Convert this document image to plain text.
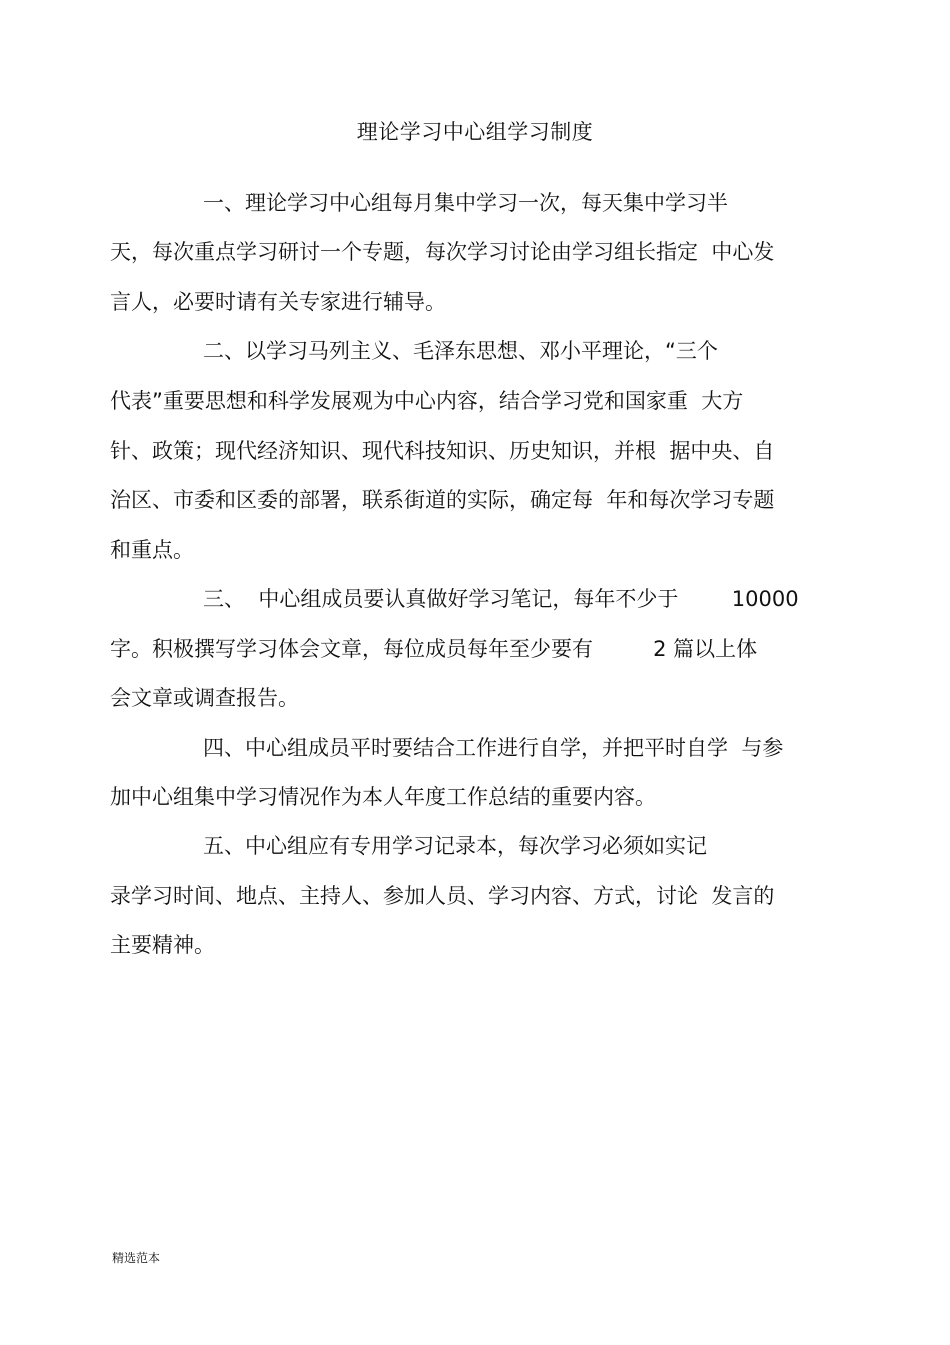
理论学习中心组学习制度
一、理论学习中心组每月集中学习一次，每天集中学习半
天，每次重点学习研讨一个专题，每次学习讨论由学习组长指定  中心发
言人，必要时请有关专家进行辅导。
二、以学习马列主义、毛泽东思想、邓小平理论，“三个
代表”重要思想和科学发展观为中心内容，结合学习党和国家重  大方
针、政策；现代经济知识、现代科技知识、历史知识，并根  据中央、自
治区、市委和区委的部署，联系街道的实际，确定每  年和每次学习专题
和重点。
三、  中心组成员要认真做好学习笔记，每年不少于        10000
字。积极撰写学习体会文章，每位成员每年至少要有         2 篇以上体
会文章或调查报告。
四、中心组成员平时要结合工作进行自学，并把平时自学  与参
加中心组集中学习情况作为本人年度工作总结的重要内容。
五、中心组应有专用学习记录本，每次学习必须如实记
录学习时间、地点、主持人、参加人员、学习内容、方式，讨论  发言的
主要精神。
精选范本
